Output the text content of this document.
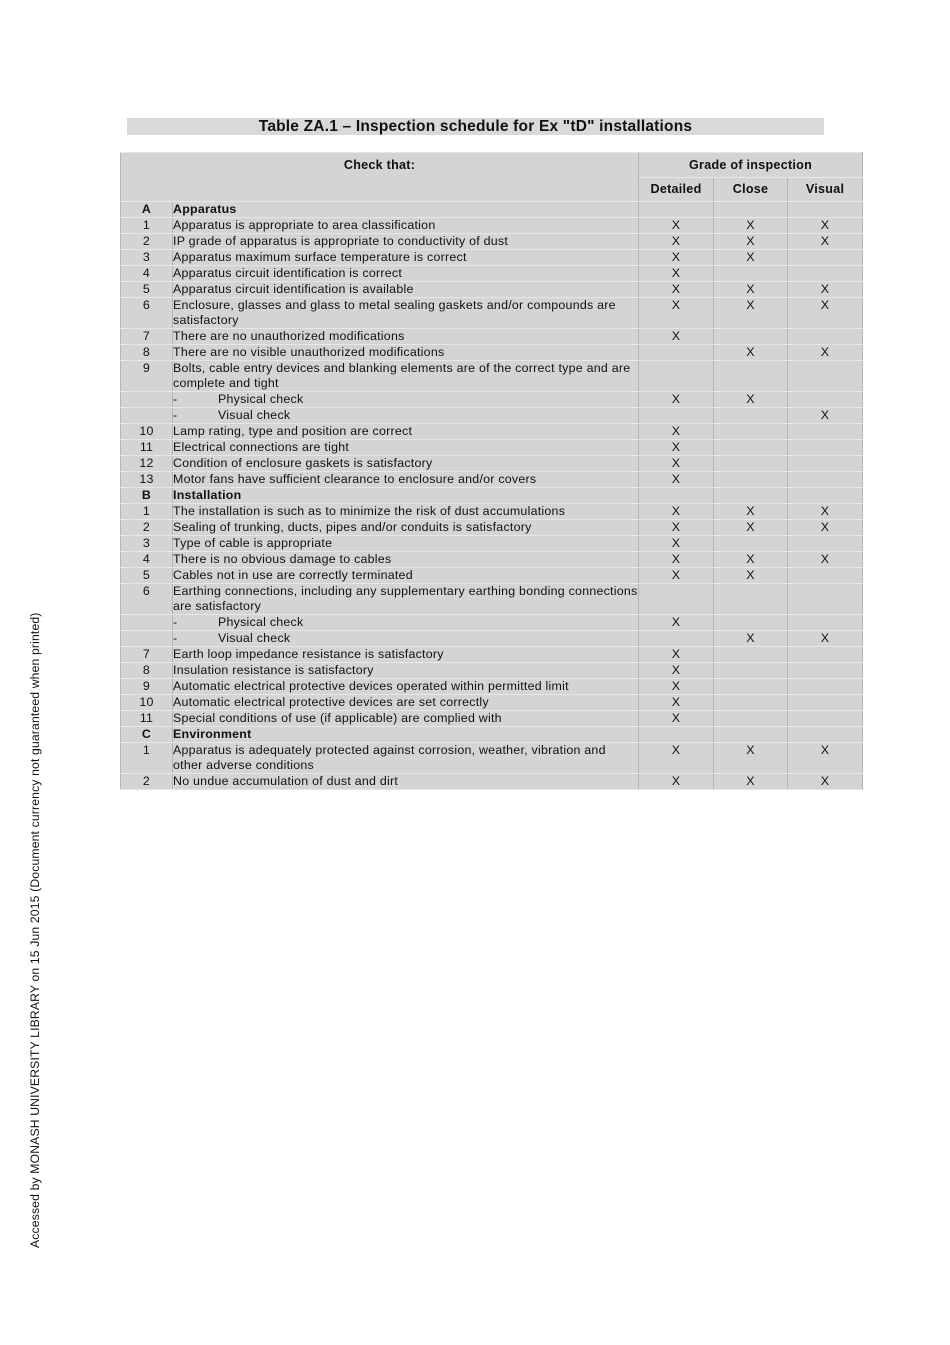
Table ZA.1 – Inspection schedule for Ex "tD" installations
Check that:		Grade of inspection		
		Detailed	Close	Visual
A	Apparatus			
1	Apparatus is appropriate to area classification	X	X	X
2	IP grade of apparatus is appropriate to conductivity of dust	X	X	X
3	Apparatus maximum surface temperature is correct	X	X	
4	Apparatus circuit identification is correct	X		
5	Apparatus circuit identification is available	X	X	X
6	Enclosure, glasses and glass to metal sealing gaskets and/or compounds are satisfactory	X	X	X
7	There are no unauthorized modifications	X		
8	There are no visible unauthorized modifications		X	X
9	Bolts, cable entry devices and blanking elements are of the correct type and are complete and tight			
	- Physical check	X	X	
	- Visual check			X
10	Lamp rating, type and position are correct	X		
11	Electrical connections are tight	X		
12	Condition of enclosure gaskets is satisfactory	X		
13	Motor fans have sufficient clearance to enclosure and/or covers	X		
B	Installation			
1	The installation is such as to minimize the risk of dust accumulations	X	X	X
2	Sealing of trunking, ducts, pipes and/or conduits is satisfactory	X	X	X
3	Type of cable is appropriate	X		
4	There is no obvious damage to cables	X	X	X
5	Cables not in use are correctly terminated	X	X	
6	Earthing connections, including any supplementary earthing bonding connections are satisfactory			
	- Physical check	X		
	- Visual check		X	X
7	Earth loop impedance resistance is satisfactory	X		
8	Insulation resistance is satisfactory	X		
9	Automatic electrical protective devices operated within permitted limit	X		
10	Automatic electrical protective devices are set correctly	X		
11	Special conditions of use (if applicable) are complied with	X		
C	Environment			
1	Apparatus is adequately protected against corrosion, weather, vibration and other adverse conditions	X	X	X
2	No undue accumulation of dust and dirt	X	X	X
Accessed by MONASH UNIVERSITY LIBRARY on 15 Jun 2015 (Document currency not guaranteed when printed)
